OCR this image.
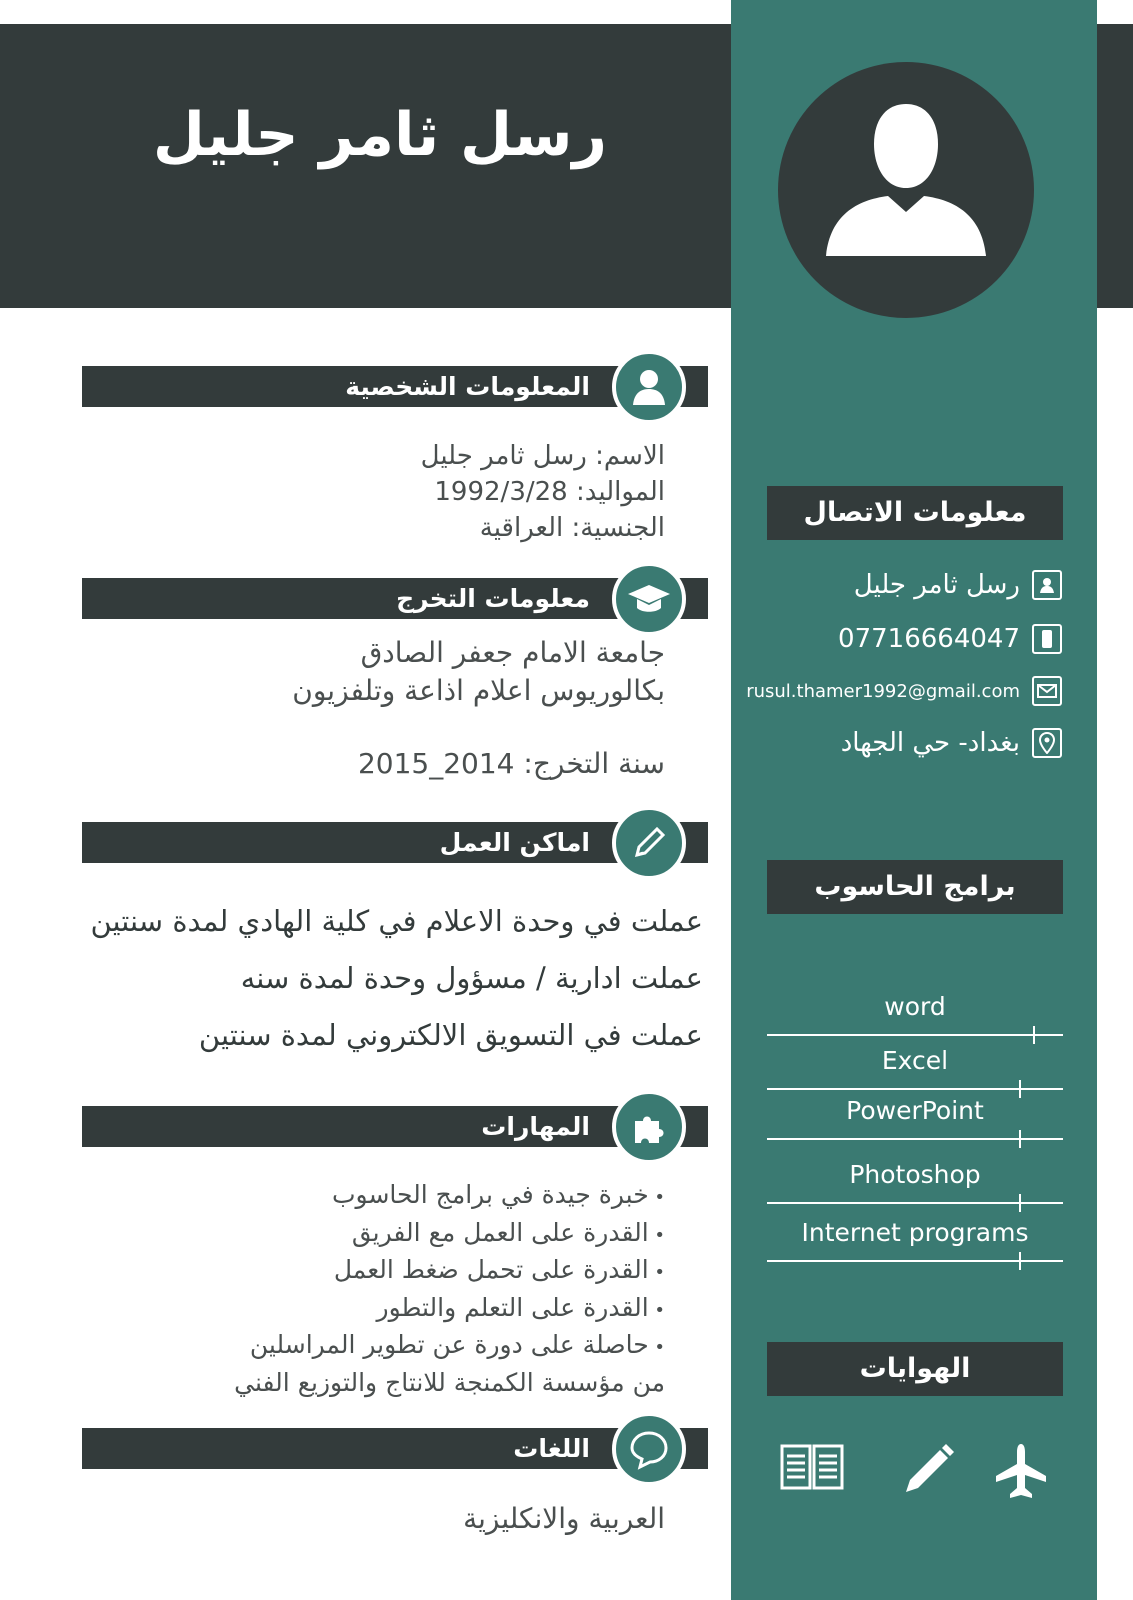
رسل ثامر جليل
المعلومات الشخصية
الاسم: رسل ثامر جليل
المواليد: 1992/3/28
الجنسية: العراقية
معلومات التخرج
جامعة الامام جعفر الصادق
بكالوريوس اعلام اذاعة وتلفزيون
سنة التخرج: 2014_2015
اماكن العمل
عملت في وحدة الاعلام في كلية الهادي لمدة سنتين
عملت ادارية / مسؤول وحدة لمدة سنه
عملت في التسويق الالكتروني لمدة سنتين
المهارات
• خبرة جيدة في برامج الحاسوب
• القدرة على العمل مع الفريق
• القدرة على تحمل ضغط العمل
• القدرة على التعلم والتطور
• حاصلة على دورة عن تطوير المراسلين
من مؤسسة الكمنجة للانتاج والتوزيع الفني
اللغات
العربية والانكليزية
معلومات الاتصال
رسل ثامر جليل
07716664047
rusul.thamer1992@gmail.com
بغداد- حي الجهاد
برامج الحاسوب
word
Excel
PowerPoint
Photoshop
Internet programs
الهوايات
